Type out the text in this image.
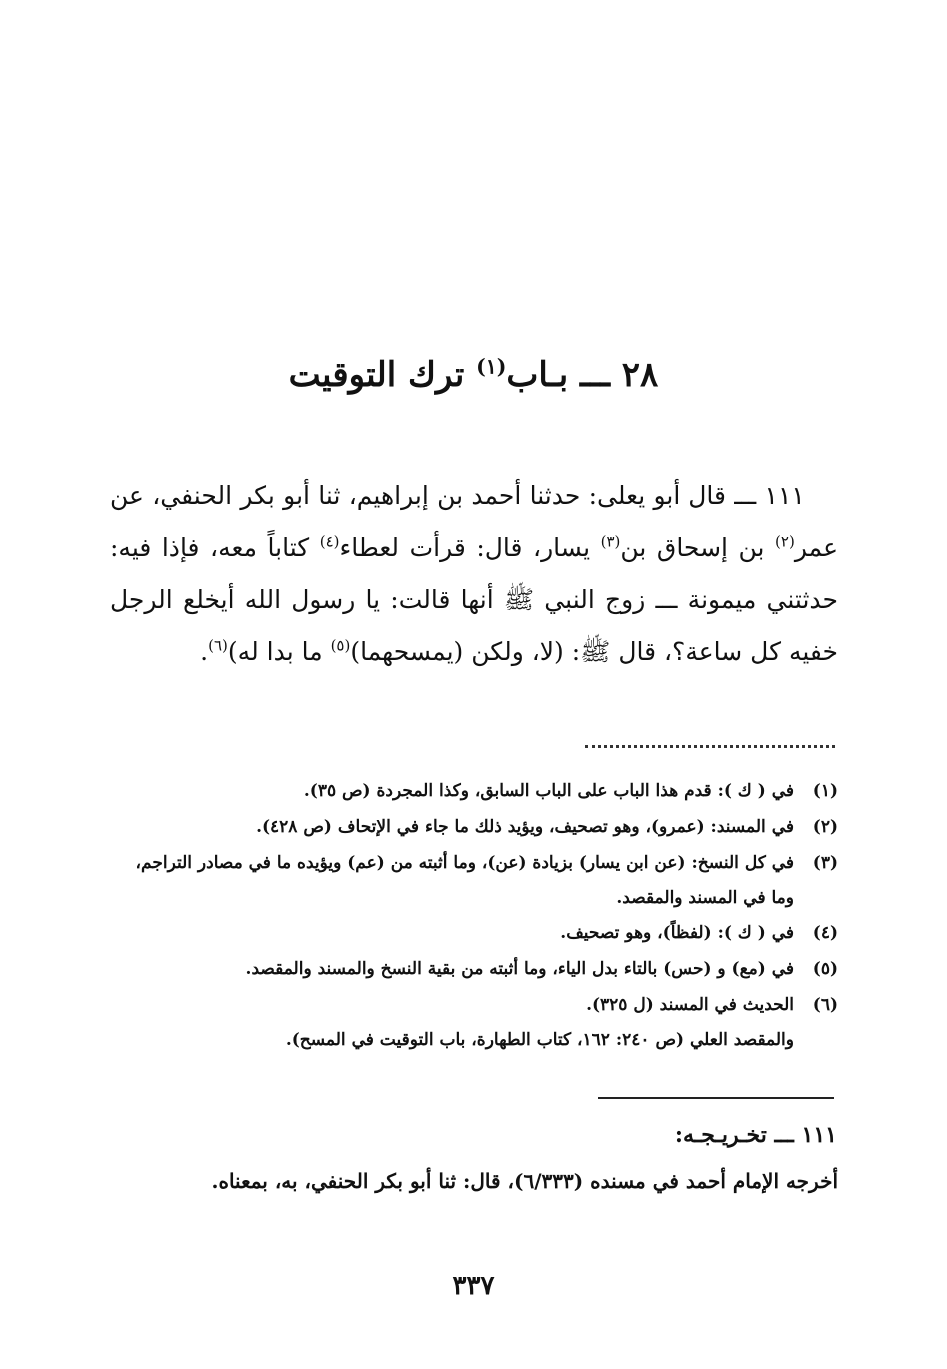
٢٨ ـــ بـاب$^{(١)}$ ترك التوقيت

١١١ ـــ قال أبو يعلى: حدثنا أحمد بن إبراهيم، ثنا أبو بكر الحنفي، عن عمر$^{(٢)}$ بن إسحاق بن$^{(٣)}$ يسار، قال: قرأت لعطاء$^{(٤)}$ كتاباً معه، فإذا فيه: حدثتني ميمونة ـــ زوج النبي ﷺ أنها قالت: يا رسول الله أيخلع الرجل خفيه كل ساعة؟، قال ﷺ: (لا، ولكن (يمسحهما)$^{(٥)}$ ما بدا له)$^{(٦)}$.

(١)
في ( ك ): قدم هذا الباب على الباب السابق، وكذا المجردة (ص ٣٥).
(٢)
في المسند: (عمرو)، وهو تصحيف، ويؤيد ذلك ما جاء في الإتحاف (ص ٤٢٨).
(٣)
في كل النسخ: (عن ابن يسار) بزيادة (عن)، وما أثبته من (عم) ويؤيده ما في مصادر التراجم،
وما في المسند والمقصد.
(٤)
في ( ك ): (لفظاً)، وهو تصحيف.
(٥)
في (مع) و (حس) بالتاء بدل الياء، وما أثبته من بقية النسخ والمسند والمقصد.
(٦)
الحديث في المسند (ل ٣٢٥).
والمقصد العلي (ص ٢٤٠: ١٦٢، كتاب الطهارة، باب التوقيت في المسح).
١١١ ـــ تخـريـجـه:
أخرجه الإمام أحمد في مسنده (٦/٣٣٣)، قال: ثنا أبو بكر الحنفي، به، بمعناه.
٣٣٧
